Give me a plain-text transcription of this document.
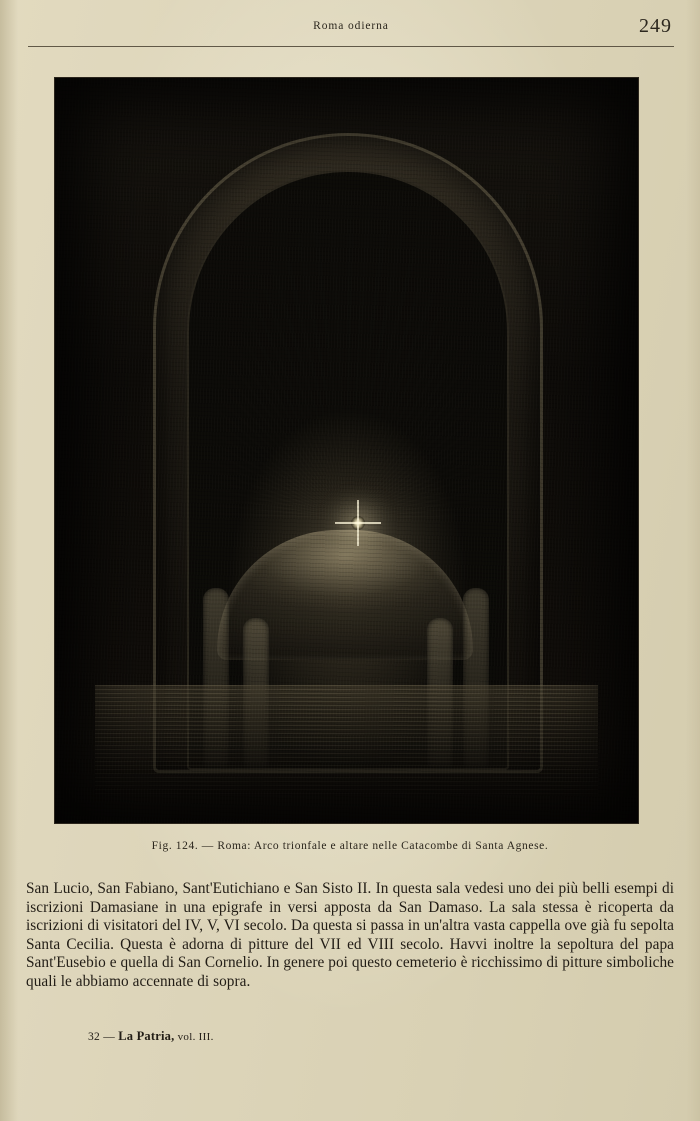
Roma odierna	249
Fig. 124. — Roma: Arco trionfale e altare nelle Catacombe di Santa Agnese.

San Lucio, San Fabiano, Sant'Eutichiano e San Sisto II. In questa sala vedesi uno dei più belli esempi di iscrizioni Damasiane in una epigrafe in versi apposta da San Damaso. La sala stessa è ricoperta da iscrizioni di visitatori del IV, V, VI secolo. Da questa si passa in un'altra vasta cappella ove già fu sepolta Santa Cecilia. Questa è adorna di pitture del VII ed VIII secolo. Havvi inoltre la sepoltura del papa Sant'Eusebio e quella di San Cornelio. In genere poi questo cemeterio è ricchissimo di pitture simboliche quali le abbiamo accennate di sopra.

32 — La Patria, vol. III.
